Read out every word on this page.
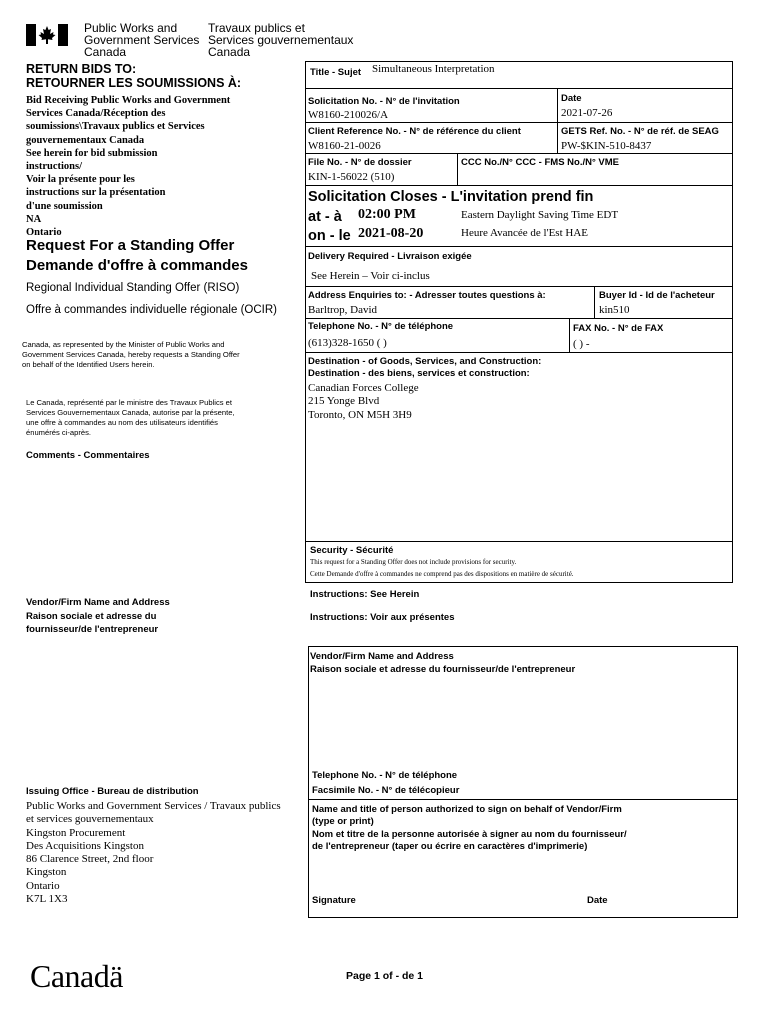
Public Works and
Government Services
Canada
Travaux publics et
Services gouvernementaux
Canada
RETURN BIDS TO:
RETOURNER LES SOUMISSIONS À:
Bid Receiving Public Works and Government
Services Canada/Réception des
soumissions\Travaux publics et Services
gouvernementaux Canada
See herein for bid submission
instructions/
Voir la présente pour les
instructions sur la présentation
d'une soumission
NA
Ontario
Request For a Standing Offer
Demande d'offre à commandes
Regional Individual Standing Offer (RISO)
Offre à commandes individuelle régionale (OCIR)
Canada, as represented by the Minister of Public Works and
Government Services Canada, hereby requests a Standing Offer
on behalf of the Identified Users herein.
Le Canada, représenté par le ministre des Travaux Publics et
Services Gouvernementaux Canada, autorise par la présente,
une offre à commandes au nom des utilisateurs identifiés
énumérés ci-après.
Comments - Commentaires
Vendor/Firm Name and Address
Raison sociale et adresse du
fournisseur/de l'entrepreneur
Issuing Office - Bureau de distribution
Public Works and Government Services / Travaux publics
et services gouvernementaux
Kingston Procurement
Des Acquisitions Kingston
86 Clarence Street, 2nd floor
Kingston
Ontario
K7L 1X3
Title - Sujet Simultaneous Interpretation
Solicitation No. - N° de l'invitation
W8160-210026/A
Date
2021-07-26
Client Reference No. - N° de référence du client
W8160-21-0026
GETS Ref. No. - N° de réf. de SEAG
PW-$KIN-510-8437
File No. - N° de dossier
KIN-1-56022 (510)
CCC No./N° CCC - FMS No./N° VME
Solicitation Closes - L'invitation prend fin
at - à 02:00 PM
on - le 2021-08-20
Eastern Daylight Saving Time EDT
Heure Avancée de l'Est HAE
Delivery Required - Livraison exigée
See Herein – Voir ci-inclus
Address Enquiries to: - Adresser toutes questions à:
Barltrop, David
Buyer Id - Id de l'acheteur
kin510
Telephone No. - N° de téléphone
(613)328-1650 ( )
FAX No. - N° de FAX
( ) -
Destination - of Goods, Services, and Construction:
Destination - des biens, services et construction:
Canadian Forces College
215 Yonge Blvd
Toronto, ON M5H 3H9
Security - Sécurité
This request for a Standing Offer does not include provisions for security.
Cette Demande d'offre à commandes ne comprend pas des dispositions en matière de sécurité.
Instructions: See Herein
Instructions: Voir aux présentes
Vendor/Firm Name and Address
Raison sociale et adresse du fournisseur/de l'entrepreneur
Telephone No. - N° de téléphone
Facsimile No. - N° de télécopieur
Name and title of person authorized to sign on behalf of Vendor/Firm
(type or print)
Nom et titre de la personne autorisée à signer au nom du fournisseur/
de l'entrepreneur (taper ou écrire en caractères d'imprimerie)
Signature	Date
Canadä	Page 1 of - de 1
